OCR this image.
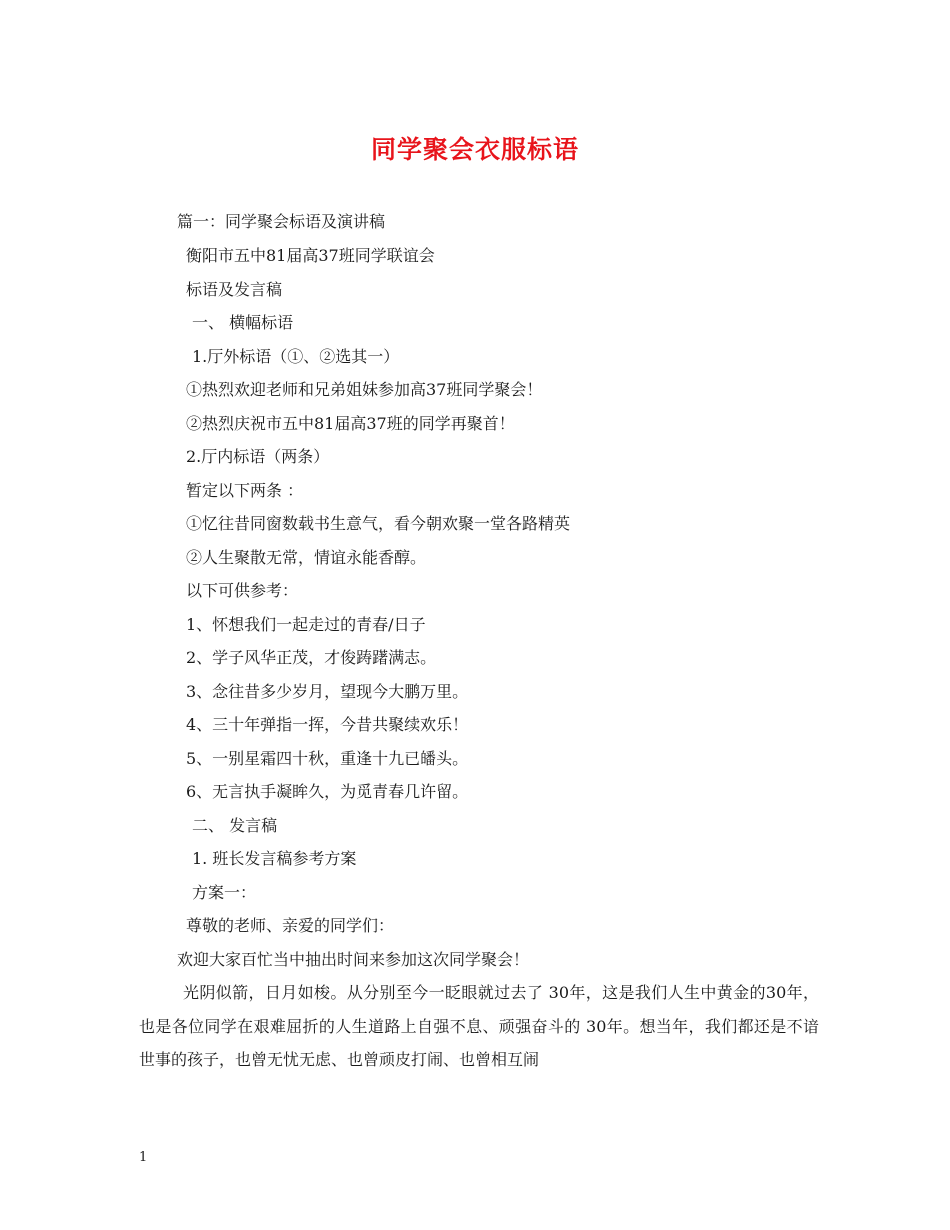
同学聚会衣服标语
篇一：同学聚会标语及演讲稿
衡阳市五中81届高37班同学联谊会
标语及发言稿
一、 横幅标语
1.厅外标语（①、②选其一）
①热烈欢迎老师和兄弟姐妹参加高37班同学聚会！
②热烈庆祝市五中81届高37班的同学再聚首！
2.厅内标语（两条）
暂定以下两条 ：
①忆往昔同窗数载书生意气，看今朝欢聚一堂各路精英
②人生聚散无常，情谊永能香醇。
以下可供参考：
1、怀想我们一起走过的青春/日子
2、学子风华正茂，才俊踌躇满志。
3、念往昔多少岁月，望现今大鹏万里。
4、三十年弹指一挥，今昔共聚续欢乐！
5、一别星霜四十秋，重逢十九已皤头。
6、无言执手凝眸久，为觅青春几许留。
二、 发言稿
1. 班长发言稿参考方案
方案一：
尊敬的老师、亲爱的同学们：
欢迎大家百忙当中抽出时间来参加这次同学聚会！
光阴似箭，日月如梭。从分别至今一眨眼就过去了 30年，这是我们人生中黄金的30年，也是各位同学在艰难屈折的人生道路上自强不息、顽强奋斗的 30年。想当年，我们都还是不谙世事的孩子，也曾无忧无虑、也曾顽皮打闹、也曾相互闹
1
